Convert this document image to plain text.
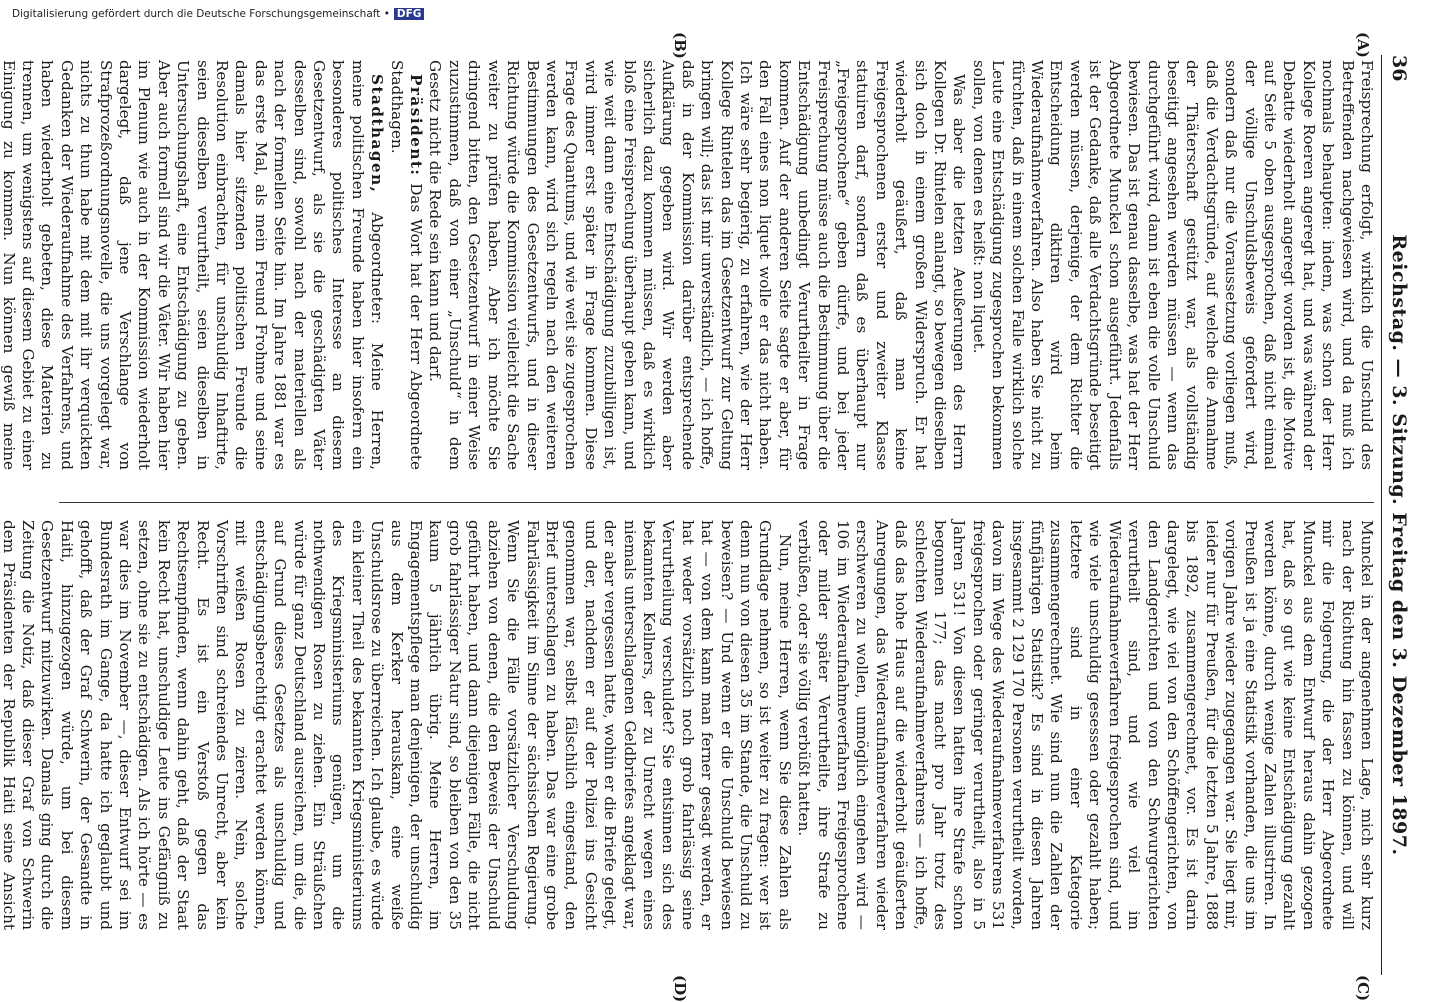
36
Reichstag. — 3. Sitzung. Freitag den 3. Dezember 1897.
(A)
(B)
(C)
(D)

Freisprechung erfolgt, wirklich die Unschuld des Betreffenden nachgewiesen wird, und da muß ich nochmals behaupten: indem, was schon der Herr Kollege Roeren angeregt hat, und was während der Debatte wiederholt angeregt worden ist, die Motive auf Seite 5 oben ausgesprochen, daß nicht einmal der völlige Unschuldsbeweis gefordert wird, sondern daß nur die Voraussetzung vorliegen muß, daß die Verdachtsgründe, auf welche die Annahme der Thäterschaft gestützt war, als vollständig beseitigt angesehen werden müssen — wenn das durchgeführt wird, dann ist eben die volle Unschuld bewiesen. Das ist genau dasselbe, was hat der Herr Abgeordnete Munckel schon ausgeführt. Jedenfalls ist der Gedanke, daß alle Verdachtsgründe beseitigt werden müssen, derjenige, der dem Richter die Entscheidung diktiren wird beim Wiederaufnahmeverfahren. Also haben Sie nicht zu fürchten, daß in einem solchen Falle wirklich solche Leute eine Entschädigung zugesprochen bekommen sollen, von denen es heißt: non liquet.

Was aber die letzten Aeußerungen des Herrn Kollegen Dr. Rintelen anlangt, so bewegen dieselben sich doch in einem großen Widerspruch. Er hat wiederholt geäußert, daß man keine Freigesprochenen erster und zweiter Klasse statuiren darf, sondern daß es überhaupt nur „Freigesprochene“ geben dürfe, und bei jeder Freisprechung müsse auch die Bestimmung über die Entschädigung unbedingt Verurtheilter in Frage kommen. Auf der anderen Seite sagte er aber, für den Fall eines non liquet wolle er das nicht haben. Ich wäre sehr begierig, zu erfahren, wie der Herr Kollege Rintelen das im Gesetzentwurf zur Geltung bringen will; das ist mir unverständlich, — ich hoffe, daß in der Kommission darüber entsprechende Aufklärung gegeben wird. Wir werden aber sicherlich dazu kommen müssen, daß es wirklich bloß eine Freisprechung überhaupt geben kann, und wie weit dann eine Entschädigung zuzubilligen ist, wird immer erst später in Frage kommen. Diese Frage des Quantums, und wie weit sie zugesprochen werden kann, wird sich regeln nach den weiteren Bestimmungen des Gesetzentwurfs, und in dieser Richtung würde die Kommission vielleicht die Sache weiter zu prüfen haben. Aber ich möchte Sie dringend bitten, den Gesetzentwurf in einer Weise zuzustimmen, daß von einer „Unschuld“ in dem Gesetz nicht die Rede sein kann und darf.

Präsident: Das Wort hat der Herr Abgeordnete Stadthagen.

Stadthagen, Abgeordneter: Meine Herren, meine politischen Freunde haben hier insofern ein besonderes politisches Interesse an diesem Gesetzentwurf, als sie die geschädigten Väter desselben sind, sowohl nach der materiellen als nach der formellen Seite hin. Im Jahre 1881 war es das erste Mal, als mein Freund Frohme und seine damals hier sitzenden politischen Freunde die Resolution einbrachten, für unschuldig Inhaftirte, seien dieselben verurtheilt, seien dieselben in Untersuchungshaft, eine Entschädigung zu geben. Aber auch formell sind wir die Väter. Wir haben hier im Plenum wie auch in der Kommission wiederholt dargelegt, daß jene Verschlange von Strafprozeßordnungsnovelle, die uns vorgelegt war, nichts zu thun habe mit dem mit ihr verquickten Gedanken der Wiederaufnahme des Verfahrens, und haben wiederholt gebeten, diese Materien zu trennen, um wenigstens auf diesem Gebiet zu einer Einigung zu kommen. Nun können gewiß meine

Munckel in der angenehmen Lage, mich sehr kurz nach der Richtung hin fassen zu können, und will mir die Folgerung, die der Herr Abgeordnete Munckel aus dem Entwurf heraus dahin gezogen hat, daß so gut wie keine Entschädigung gezahlt werden könne, durch wenige Zahlen illustriren. In Preußen ist ja eine Statistik vorhanden, die uns im vorigen Jahre wieder zugegangen war. Sie liegt mir, leider nur für Preußen, für die letzten 5 Jahre, 1888 bis 1892, zusammengerechnet, vor. Es ist darin dargelegt, wie viel von den Schöffengerichten, von den Landgerichten und von den Schwurgerichten verurtheilt sind, und wie viel im Wiederaufnahmeverfahren freigesprochen sind, und wie viele unschuldig gesessen oder gezahlt haben; letztere sind in einer Kategorie zusammengerechnet. Wie sind nun die Zahlen der fünfjährigen Statistik? Es sind in diesen Jahren insgesammt 2 129 170 Personen verurtheilt worden, davon im Wege des Wiederaufnahmeverfahrens 531 freigesprochen oder geringer verurtheilt, also in 5 Jahren 531! Von diesen hatten ihre Strafe schon begonnen 177; das macht pro Jahr trotz des schlechten Wiederaufnahmeverfahrens — ich hoffe, daß das hohe Haus auf die wiederholt geäußerten Anregungen, das Wiederaufnahmeverfahren wieder erschweren zu wollen, unmöglich eingehen wird — 106 im Wiederaufnahmeverfahren Freigesprochene oder milder später Verurtheilte, ihre Strafe zu verbüßen, oder sie völlig verbüßt hatten.

Nun, meine Herren, wenn Sie diese Zahlen als Grundlage nehmen, so ist weiter zu fragen: wer ist denn nun von diesen 35 im Stande, die Unschuld zu beweisen? — Und wenn er die Unschuld bewiesen hat — von dem kann man ferner gesagt werden, er hat weder vorsätzlich noch grob fahrlässig seine Verurtheilung verschuldet? Sie entsinnen sich des bekannten Kellners, der zu Unrecht wegen eines niemals unterschlagenen Geldbriefes angeklagt war, der aber vergessen hatte, wohin er die Briefe gelegt, und der, nachdem er auf der Polizei ins Gesicht genommen war, selbst fälschlich eingestand, den Brief unterschlagen zu haben. Das war eine grobe Fahrlässigkeit im Sinne der sächsischen Regierung. Wenn Sie die Fälle vorsätzlicher Verschuldung abziehen von denen, die den Beweis der Unschuld geführt haben, und dann diejenigen Fälle, die nicht grob fahrlässiger Natur sind, so bleiben von den 35 kaum 5 jährlich übrig. Meine Herren, im Engagementspflege man denjenigen, der unschuldig aus dem Kerker herauskam, eine weiße Unschuldsrose zu überreichen. Ich glaube, es würde ein kleiner Theil des bekannten Kriegsministeriums des Kriegsministeriums genügen, um die nothwendigen Rosen zu ziehen. Ein Sträußchen würde für ganz Deutschland ausreichen, um die, die auf Grund dieses Gesetzes als unschuldig und entschädigungsberechtigt erachtet werden können, mit weißen Rosen zu zieren. Nein, solche Vorschriften sind schreiendes Unrecht, aber kein Recht. Es ist ein Verstoß gegen das Rechtsempfinden, wenn dahin geht, daß der Staat kein Recht hat, unschuldige Leute ins Gefängniß zu setzen, ohne sie zu entschädigen. Als ich hörte — es war dies im November —, dieser Entwurf sei im Bundesrath im Gange, da hatte ich geglaubt und gehofft, daß der Graf Schwerin, der Gesandte in Haiti, hinzugezogen würde, um bei diesem Gesetzentwurf mitzuwirken. Damals ging durch die Zeitung die Notiz, daß dieser Graf von Schwerin dem Präsidenten der Republik Haiti seine Ansicht

Digitalisierung gefördert durch die Deutsche Forschungsgemeinschaft • DFG
